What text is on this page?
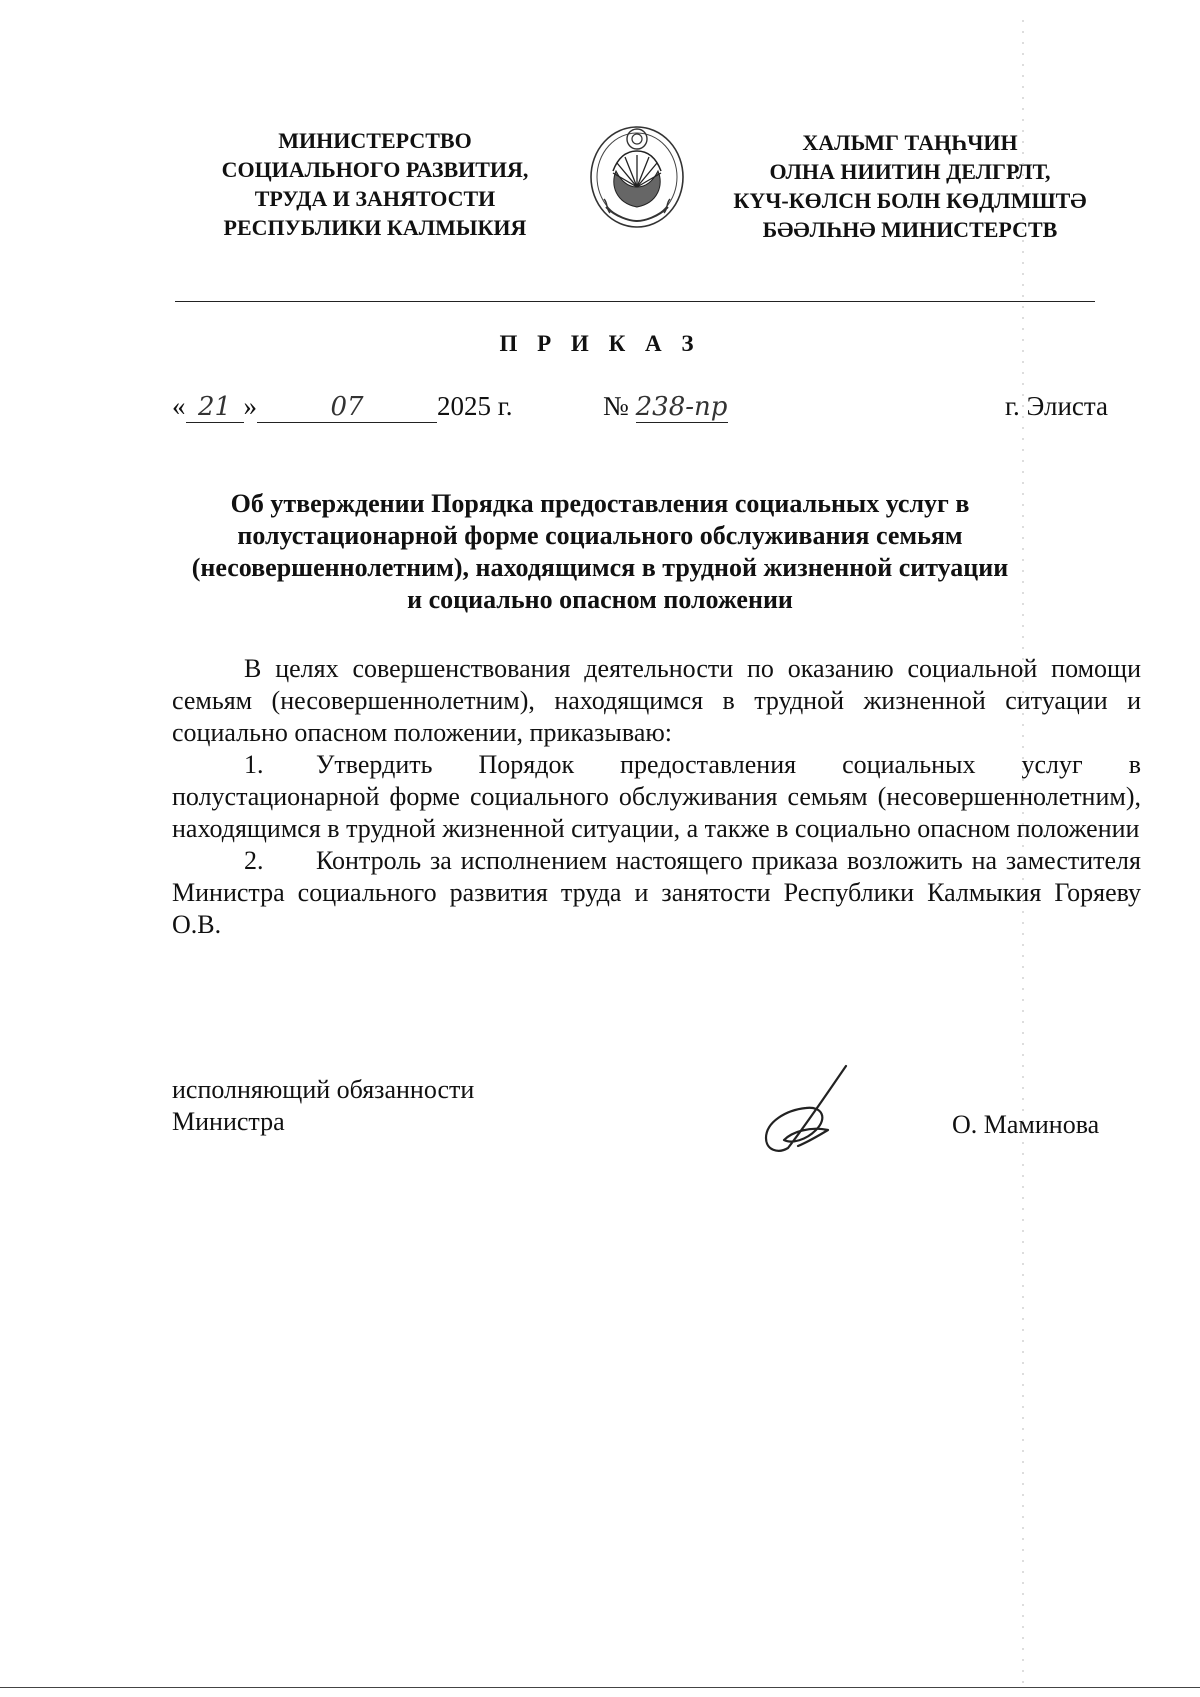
МИНИСТЕРСТВО
СОЦИАЛЬНОГО РАЗВИТИЯ,
ТРУДА И ЗАНЯТОСТИ
РЕСПУБЛИКИ КАЛМЫКИЯ
ХАЛЬМГ ТАҢҺЧИН
ОЛНА НИИТИН ДЕЛГРЛТ,
КҮЧ-КӨЛСН БОЛН КӨДЛМШТӘ
БӘӘЛҺНӘ МИНИСТЕРСТВ
П Р И К А З
« 21 »	07	2025 г.	№ 238-пр	г. Элиста
Об утверждении Порядка предоставления социальных услуг в
полустационарной форме социального обслуживания семьям
(несовершеннолетним), находящимся в трудной жизненной ситуации
и социально опасном положении

В целях совершенствования деятельности по оказанию социальной помощи семьям (несовершеннолетним), находящимся в трудной жизненной ситуации и социально опасном положении, приказываю:

1. Утвердить Порядок предоставления социальных услуг в полустационарной форме социального обслуживания семьям (несовершеннолетним), находящимся в трудной жизненной ситуации, а также в социально опасном положении

2. Контроль за исполнением настоящего приказа возложить на заместителя Министра социального развития труда и занятости Республики Калмыкия Горяеву О.В.

исполняющий обязанности
Министра	О. Маминова
